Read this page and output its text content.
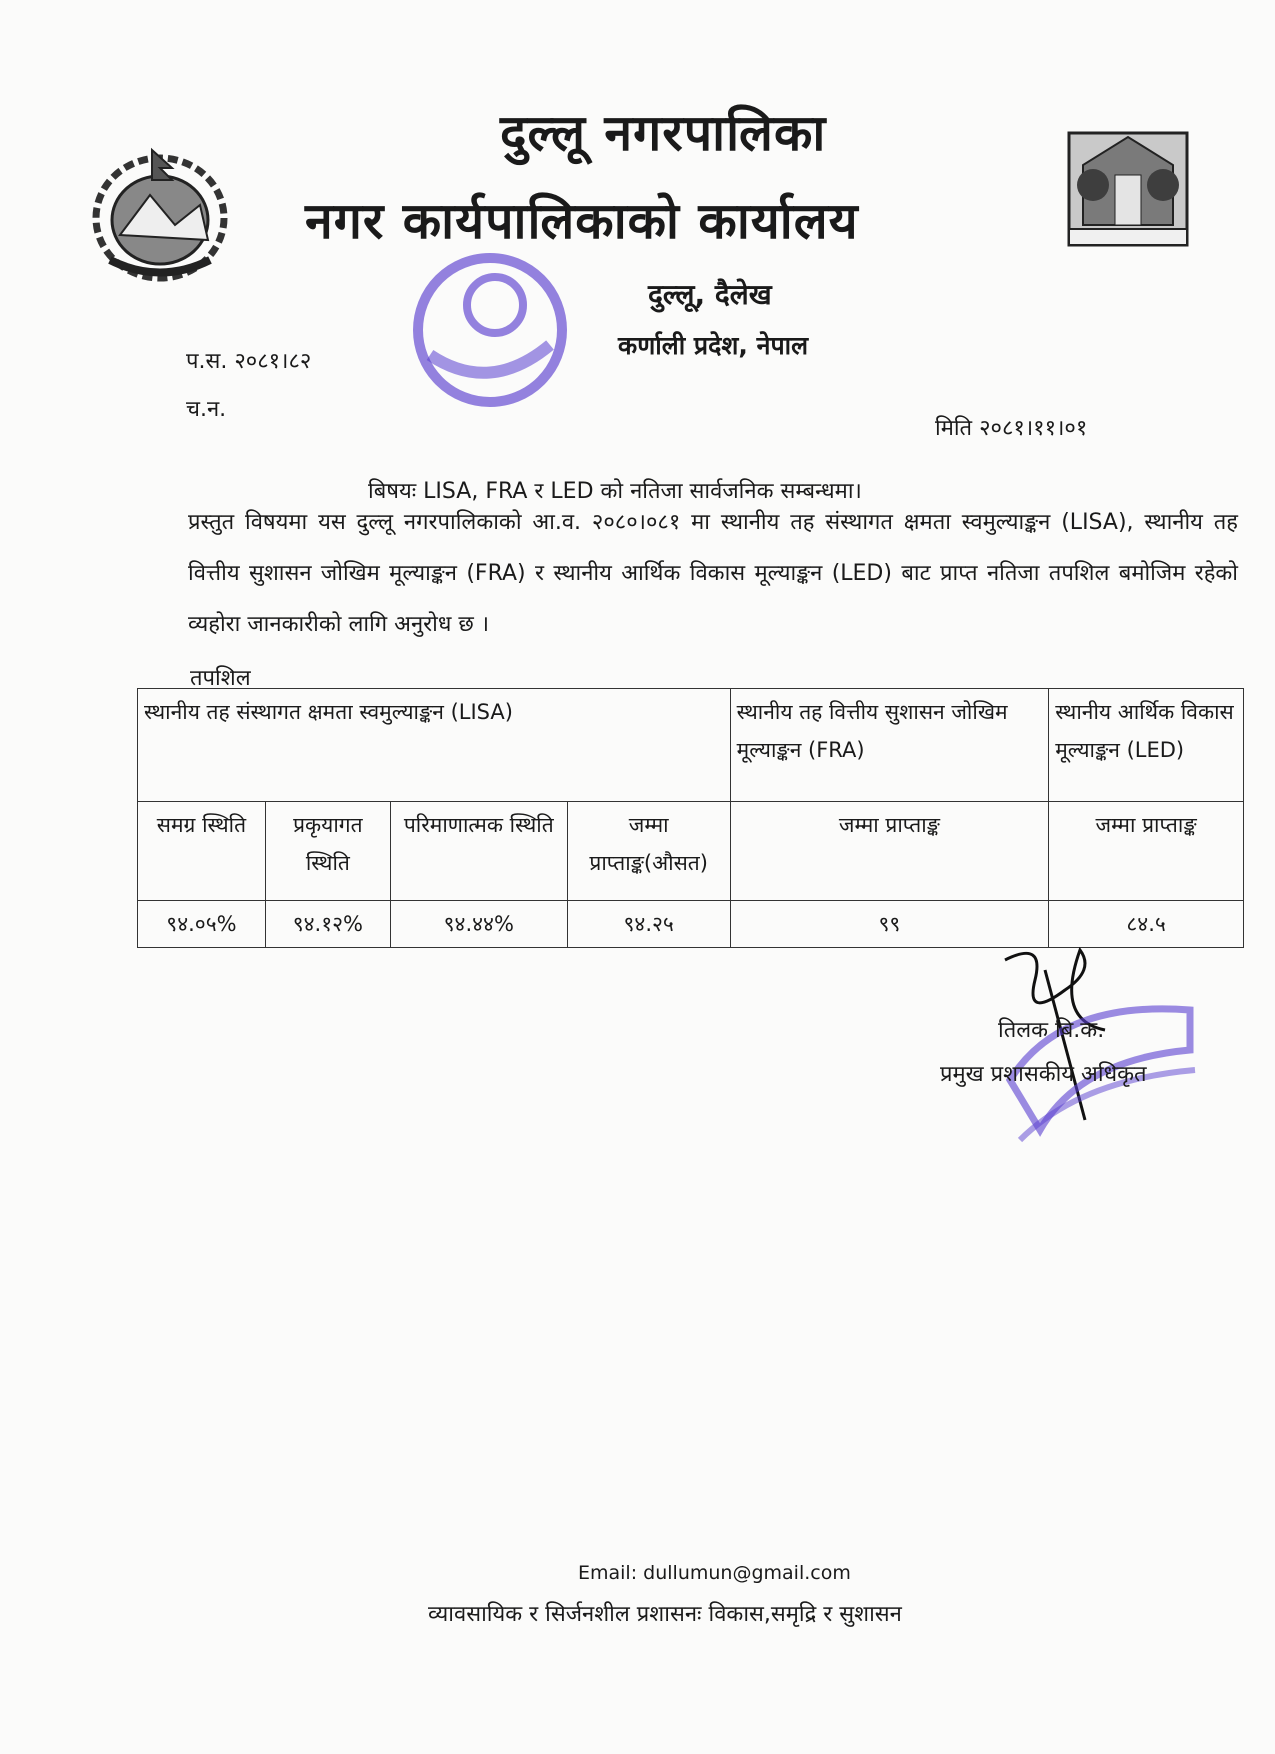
दुल्लू नगरपालिका
नगर कार्यपालिकाको कार्यालय
दुल्लू, दैलेख
कर्णाली प्रदेश, नेपाल
प.स. २०८१।८२
च.न.
मिति २०८१।११।०१
बिषयः LISA, FRA र LED को नतिजा सार्वजनिक सम्बन्धमा।
प्रस्तुत विषयमा यस दुल्लू नगरपालिकाको आ.व. २०८०।०८१ मा स्थानीय तह संस्थागत क्षमता स्वमुल्याङ्कन (LISA), स्थानीय तह वित्तीय सुशासन जोखिम मूल्याङ्कन (FRA) र स्थानीय आर्थिक विकास मूल्याङ्कन (LED) बाट प्राप्त नतिजा तपशिल बमोजिम रहेको व्यहोरा जानकारीको लागि अनुरोध छ ।
तपशिल
स्थानीय तह संस्थागत क्षमता स्वमुल्याङ्कन (LISA)				स्थानीय तह वित्तीय सुशासन जोखिम मूल्याङ्कन (FRA)	स्थानीय आर्थिक विकास मूल्याङ्कन (LED)
समग्र स्थिति	प्रकृयागत स्थिति	परिमाणात्मक स्थिति	जम्मा प्राप्ताङ्क(औसत)	जम्मा प्राप्ताङ्क	जम्मा प्राप्ताङ्क
९४.०५%	९४.१२%	९४.४४%	९४.२५	९९	८४.५
तिलक बि.क.
प्रमुख प्रशासकीय अधिकृत
Email: dullumun@gmail.com
व्यावसायिक र सिर्जनशील प्रशासनः विकास,समृद्रि र सुशासन
